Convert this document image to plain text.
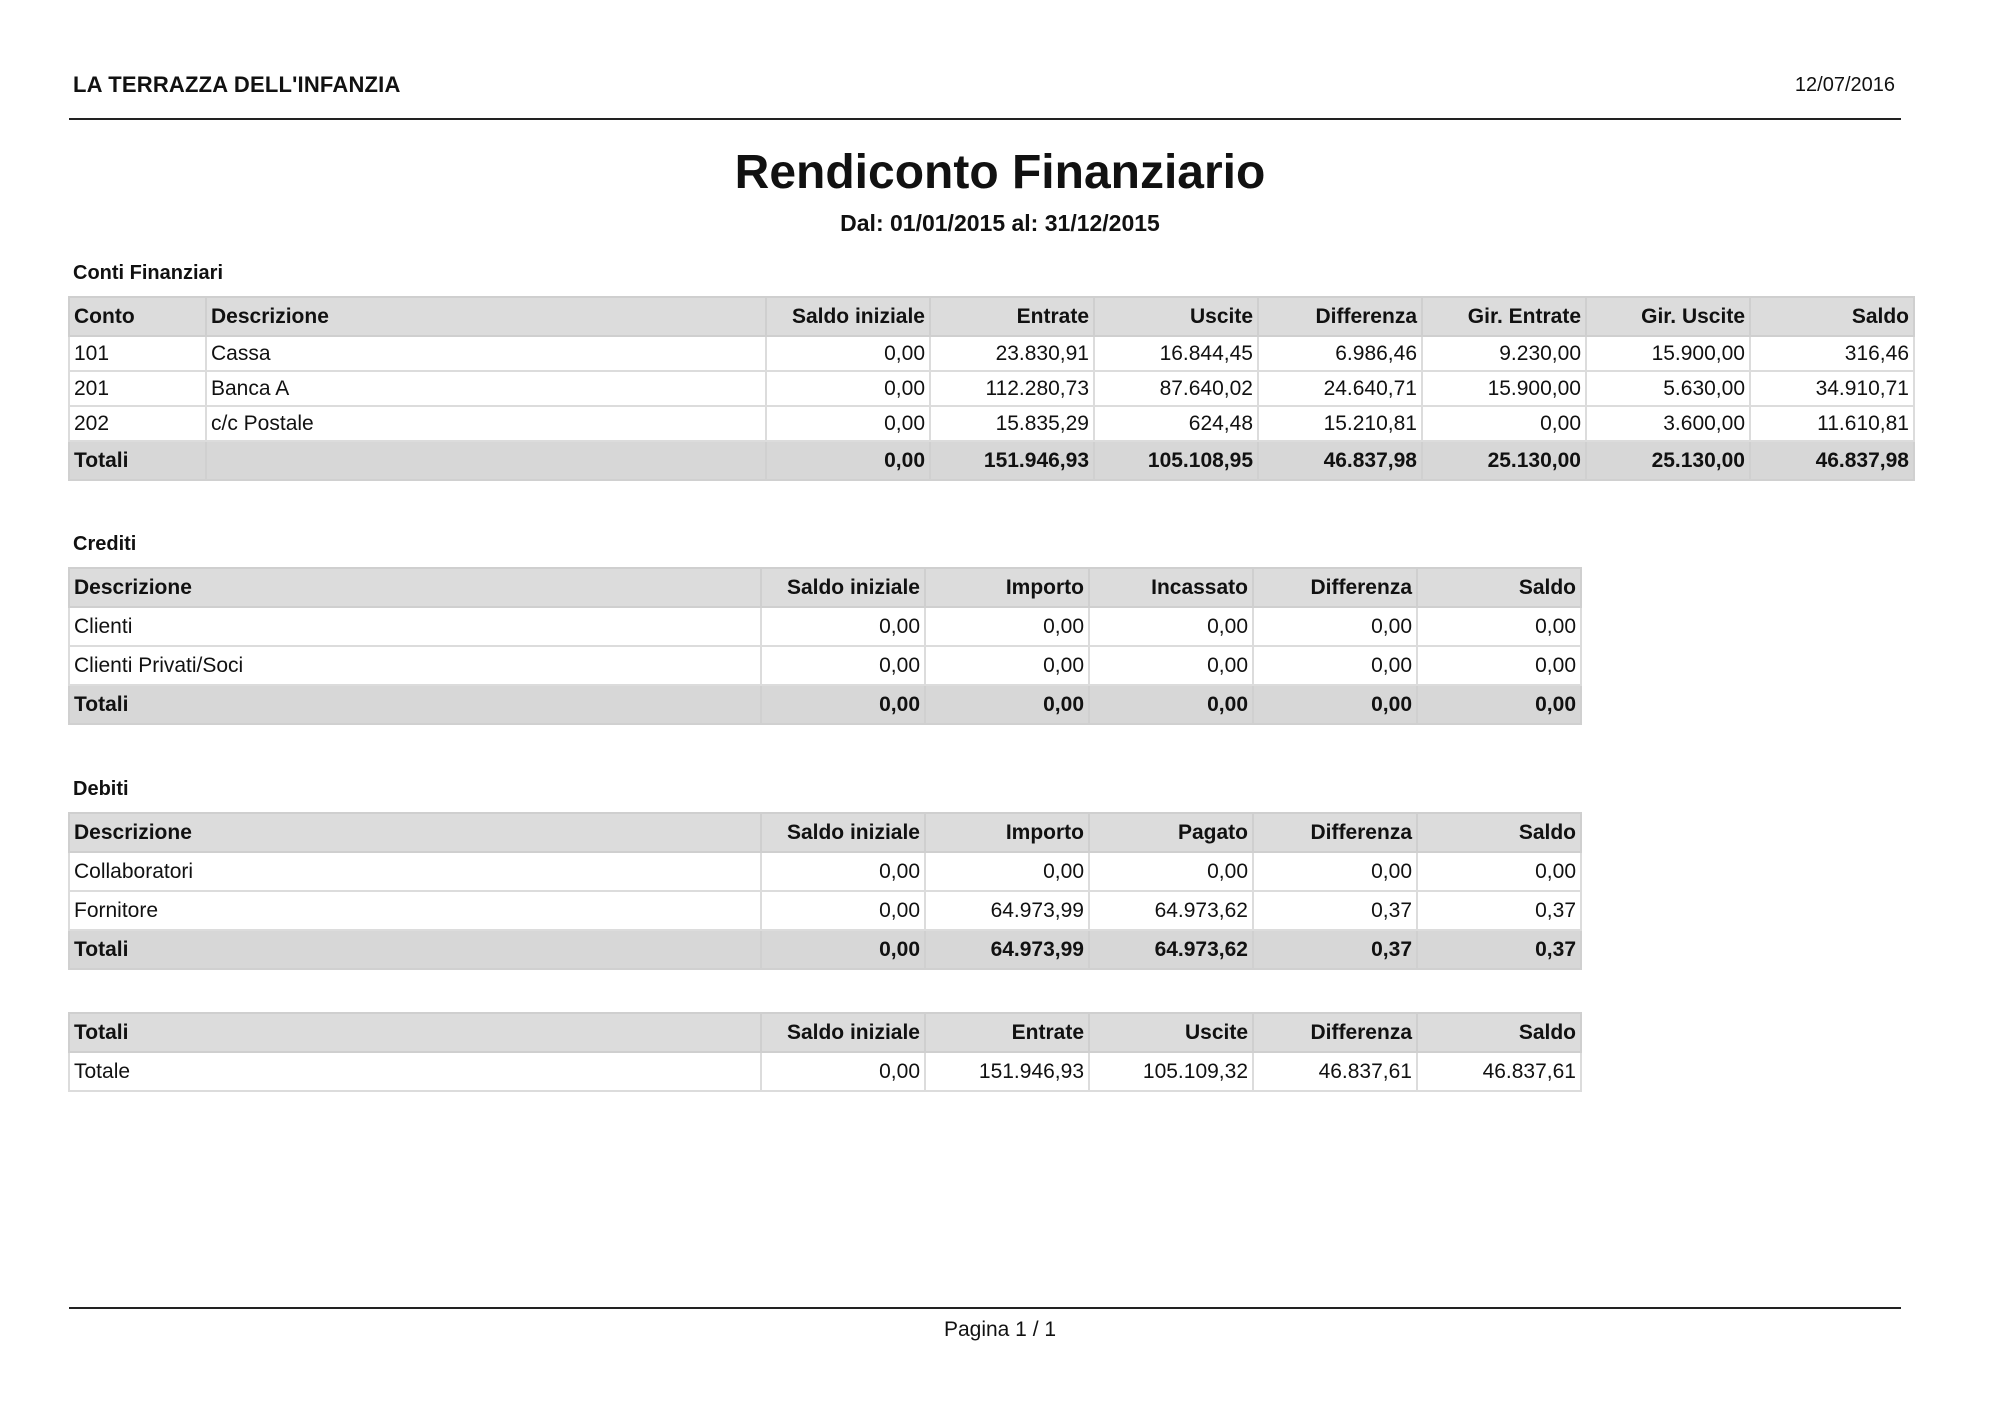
LA TERRAZZA DELL'INFANZIA	12/07/2016
Rendiconto Finanziario
Dal: 01/01/2015 al: 31/12/2015
Conti Finanziari
Conto	Descrizione	Saldo iniziale	Entrate	Uscite	Differenza	Gir. Entrate	Gir. Uscite	Saldo
101	Cassa	0,00	23.830,91	16.844,45	6.986,46	9.230,00	15.900,00	316,46
201	Banca A	0,00	112.280,73	87.640,02	24.640,71	15.900,00	5.630,00	34.910,71
202	c/c Postale	0,00	15.835,29	624,48	15.210,81	0,00	3.600,00	11.610,81
Totali		0,00	151.946,93	105.108,95	46.837,98	25.130,00	25.130,00	46.837,98
Crediti
Descrizione	Saldo iniziale	Importo	Incassato	Differenza	Saldo
Clienti	0,00	0,00	0,00	0,00	0,00
Clienti Privati/Soci	0,00	0,00	0,00	0,00	0,00
Totali	0,00	0,00	0,00	0,00	0,00
Debiti
Descrizione	Saldo iniziale	Importo	Pagato	Differenza	Saldo
Collaboratori	0,00	0,00	0,00	0,00	0,00
Fornitore	0,00	64.973,99	64.973,62	0,37	0,37
Totali	0,00	64.973,99	64.973,62	0,37	0,37
Totali	Saldo iniziale	Entrate	Uscite	Differenza	Saldo
Totale	0,00	151.946,93	105.109,32	46.837,61	46.837,61
Pagina 1 / 1
